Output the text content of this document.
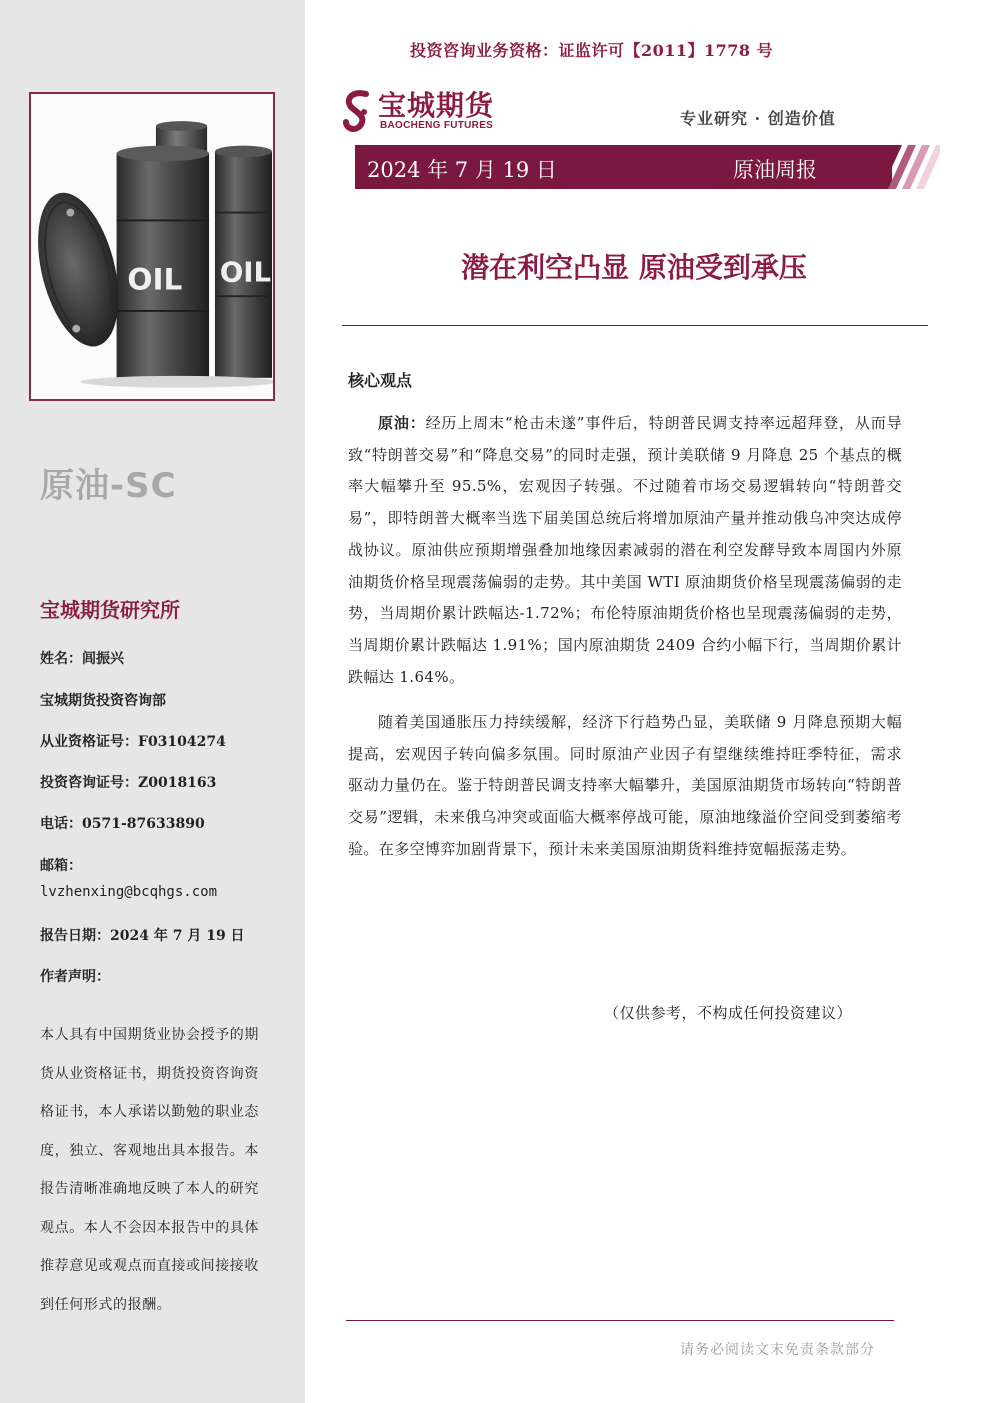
OIL
OIL
原油-SC
宝城期货研究所
姓名：闾振兴
宝城期货投资咨询部
从业资格证号：F03104274
投资咨询证号：Z0018163
电话：0571-87633890
邮箱：
lvzhenxing@bcqhgs.com
报告日期：2024 年 7 月 19 日
作者声明：
本人具有中国期货业协会授予的期货从业资格证书，期货投资咨询资格证书，本人承诺以勤勉的职业态度，独立、客观地出具本报告。本报告清晰准确地反映了本人的研究观点。本人不会因本报告中的具体推荐意见或观点而直接或间接接收到任何形式的报酬。
投资咨询业务资格：证监许可【2011】1778 号
宝城期货
BAOCHENG FUTURES	专业研究 · 创造价值
2024 年 7 月 19 日	原油周报
潜在利空凸显 原油受到承压
核心观点

原油：经历上周末“枪击未遂”事件后，特朗普民调支持率远超拜登，从而导致“特朗普交易”和“降息交易”的同时走强，预计美联储 9 月降息 25 个基点的概率大幅攀升至 95.5%，宏观因子转强。不过随着市场交易逻辑转向“特朗普交易”，即特朗普大概率当选下届美国总统后将增加原油产量并推动俄乌冲突达成停战协议。原油供应预期增强叠加地缘因素减弱的潜在利空发酵导致本周国内外原油期货价格呈现震荡偏弱的走势。其中美国 WTI 原油期货价格呈现震荡偏弱的走势，当周期价累计跌幅达-1.72%；布伦特原油期货价格也呈现震荡偏弱的走势，当周期价累计跌幅达 1.91%；国内原油期货 2409 合约小幅下行，当周期价累计跌幅达 1.64%。

随着美国通胀压力持续缓解，经济下行趋势凸显，美联储 9 月降息预期大幅提高，宏观因子转向偏多氛围。同时原油产业因子有望继续维持旺季特征，需求驱动力量仍在。鉴于特朗普民调支持率大幅攀升，美国原油期货市场转向“特朗普交易”逻辑，未来俄乌冲突或面临大概率停战可能，原油地缘溢价空间受到萎缩考验。在多空博弈加剧背景下，预计未来美国原油期货料维持宽幅振荡走势。

（仅供参考，不构成任何投资建议）
请务必阅读文末免责条款部分
